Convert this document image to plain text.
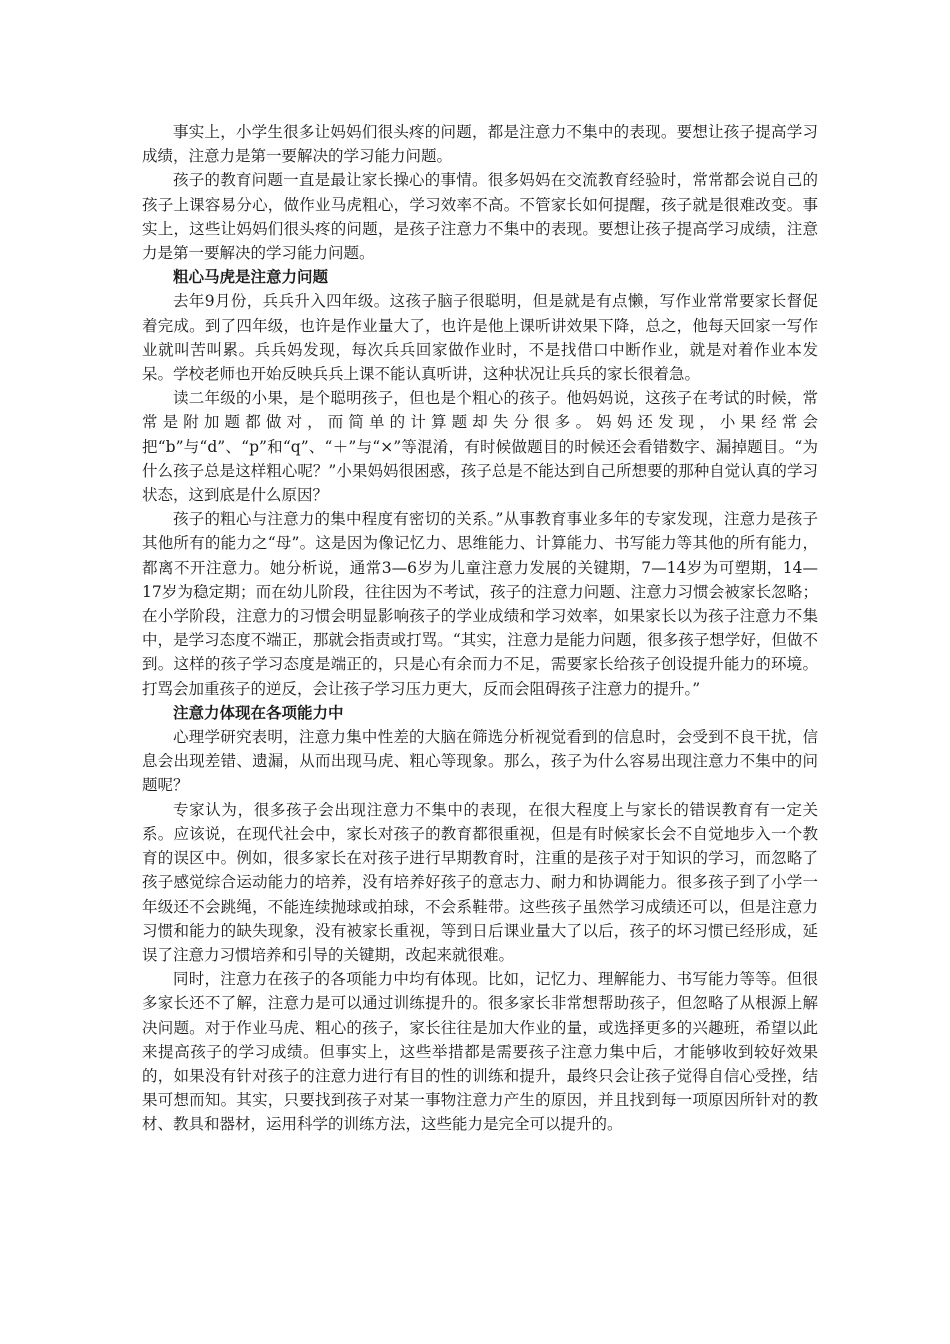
事实上，小学生很多让妈妈们很头疼的问题，都是注意力不集中的表现。要想让孩子提高学习成绩，注意力是第一要解决的学习能力问题。

孩子的教育问题一直是最让家长操心的事情。很多妈妈在交流教育经验时，常常都会说自己的孩子上课容易分心，做作业马虎粗心，学习效率不高。不管家长如何提醒，孩子就是很难改变。事实上，这些让妈妈们很头疼的问题，是孩子注意力不集中的表现。要想让孩子提高学习成绩，注意力是第一要解决的学习能力问题。

粗心马虎是注意力问题

去年9月份，兵兵升入四年级。这孩子脑子很聪明，但是就是有点懒，写作业常常要家长督促着完成。到了四年级，也许是作业量大了，也许是他上课听讲效果下降，总之，他每天回家一写作业就叫苦叫累。兵兵妈发现，每次兵兵回家做作业时，不是找借口中断作业，就是对着作业本发呆。学校老师也开始反映兵兵上课不能认真听讲，这种状况让兵兵的家长很着急。

读二年级的小果，是个聪明孩子，但也是个粗心的孩子。他妈妈说，这孩子在考试的时候，常常是附加题都做对，而简单的计算题却失分很多。妈妈还发现，小果经常会把“b”与“d”、“p”和“q”、“＋”与“×”等混淆，有时候做题目的时候还会看错数字、漏掉题目。“为什么孩子总是这样粗心呢？”小果妈妈很困惑，孩子总是不能达到自己所想要的那种自觉认真的学习状态，这到底是什么原因？

孩子的粗心与注意力的集中程度有密切的关系。”从事教育事业多年的专家发现，注意力是孩子其他所有的能力之“母”。这是因为像记忆力、思维能力、计算能力、书写能力等其他的所有能力，都离不开注意力。她分析说，通常3—6岁为儿童注意力发展的关键期，7—14岁为可塑期，14—17岁为稳定期；而在幼儿阶段，往往因为不考试，孩子的注意力问题、注意力习惯会被家长忽略；在小学阶段，注意力的习惯会明显影响孩子的学业成绩和学习效率，如果家长以为孩子注意力不集中，是学习态度不端正，那就会指责或打骂。“其实，注意力是能力问题，很多孩子想学好，但做不到。这样的孩子学习态度是端正的，只是心有余而力不足，需要家长给孩子创设提升能力的环境。打骂会加重孩子的逆反，会让孩子学习压力更大，反而会阻碍孩子注意力的提升。”

注意力体现在各项能力中

心理学研究表明，注意力集中性差的大脑在筛选分析视觉看到的信息时，会受到不良干扰，信息会出现差错、遗漏，从而出现马虎、粗心等现象。那么，孩子为什么容易出现注意力不集中的问题呢？

专家认为，很多孩子会出现注意力不集中的表现，在很大程度上与家长的错误教育有一定关系。应该说，在现代社会中，家长对孩子的教育都很重视，但是有时候家长会不自觉地步入一个教育的误区中。例如，很多家长在对孩子进行早期教育时，注重的是孩子对于知识的学习，而忽略了孩子感觉综合运动能力的培养，没有培养好孩子的意志力、耐力和协调能力。很多孩子到了小学一年级还不会跳绳，不能连续抛球或拍球，不会系鞋带。这些孩子虽然学习成绩还可以，但是注意力习惯和能力的缺失现象，没有被家长重视，等到日后课业量大了以后，孩子的坏习惯已经形成，延误了注意力习惯培养和引导的关键期，改起来就很难。

同时，注意力在孩子的各项能力中均有体现。比如，记忆力、理解能力、书写能力等等。但很多家长还不了解，注意力是可以通过训练提升的。很多家长非常想帮助孩子，但忽略了从根源上解决问题。对于作业马虎、粗心的孩子，家长往往是加大作业的量，或选择更多的兴趣班，希望以此来提高孩子的学习成绩。但事实上，这些举措都是需要孩子注意力集中后，才能够收到较好效果的，如果没有针对孩子的注意力进行有目的性的训练和提升，最终只会让孩子觉得自信心受挫，结果可想而知。其实，只要找到孩子对某一事物注意力产生的原因，并且找到每一项原因所针对的教材、教具和器材，运用科学的训练方法，这些能力是完全可以提升的。
